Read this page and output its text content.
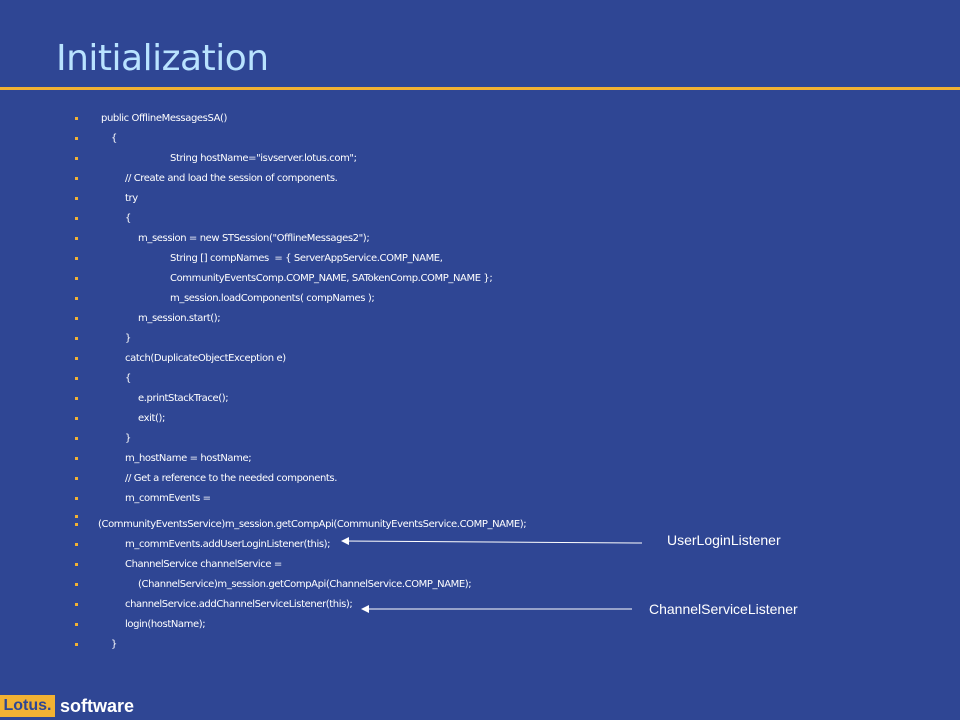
Initialization
public OfflineMessagesSA()
{
String hostName="isvserver.lotus.com";
// Create and load the session of components.
try
{
m_session = new STSession("OfflineMessages2");
String [] compNames  = { ServerAppService.COMP_NAME,
CommunityEventsComp.COMP_NAME, SATokenComp.COMP_NAME };
m_session.loadComponents( compNames );
m_session.start();
}
catch(DuplicateObjectException e)
{
e.printStackTrace();
exit();
}
m_hostName = hostName;
// Get a reference to the needed components.
m_commEvents =
(CommunityEventsService)m_session.getCompApi(CommunityEventsService.COMP_NAME);
m_commEvents.addUserLoginListener(this);
ChannelService channelService =
(ChannelService)m_session.getCompApi(ChannelService.COMP_NAME);
channelService.addChannelServiceListener(this);
login(hostName);
}
UserLoginListener
ChannelServiceListener
Lotus. software
